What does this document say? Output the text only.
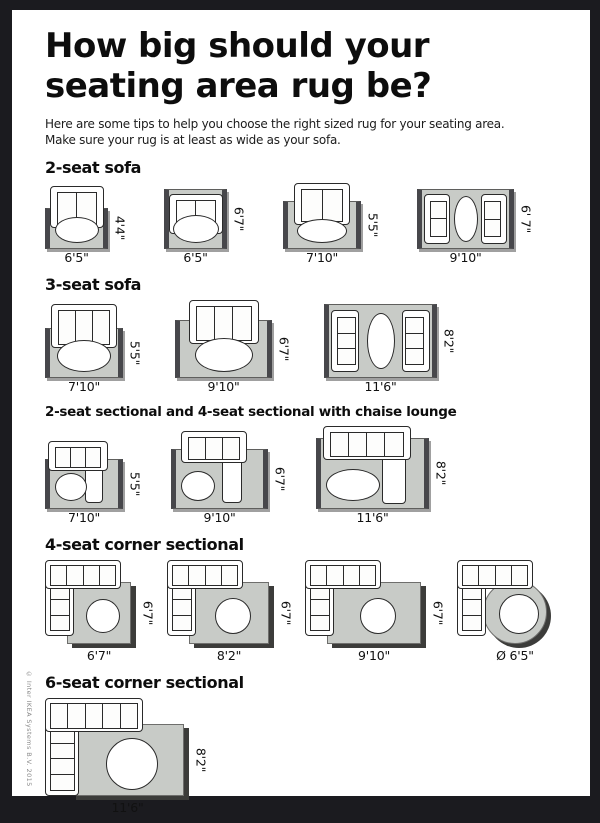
How big should your
seating area rug be?
Here are some tips to help you choose the right sized rug for your seating area.
Make sure your rug is at least as wide as your sofa.
2-seat sofa
6'5"
4'4"
6'5"
6'7"
7'10"
5'5"
9'10"
6' 7"
3-seat sofa
7'10"
5'5"
9'10"
6'7"
11'6"
8'2"
2-seat sectional and 4-seat sectional with chaise lounge
7'10"
5'5"
9'10"
6'7"
11'6"
8'2"
4-seat corner sectional
6'7"
6'7"
8'2"
6'7"
9'10"
6'7"
Ø 6'5"
6-seat corner sectional
11'6"
8'2"
© Inter IKEA Systems B.V. 2015
